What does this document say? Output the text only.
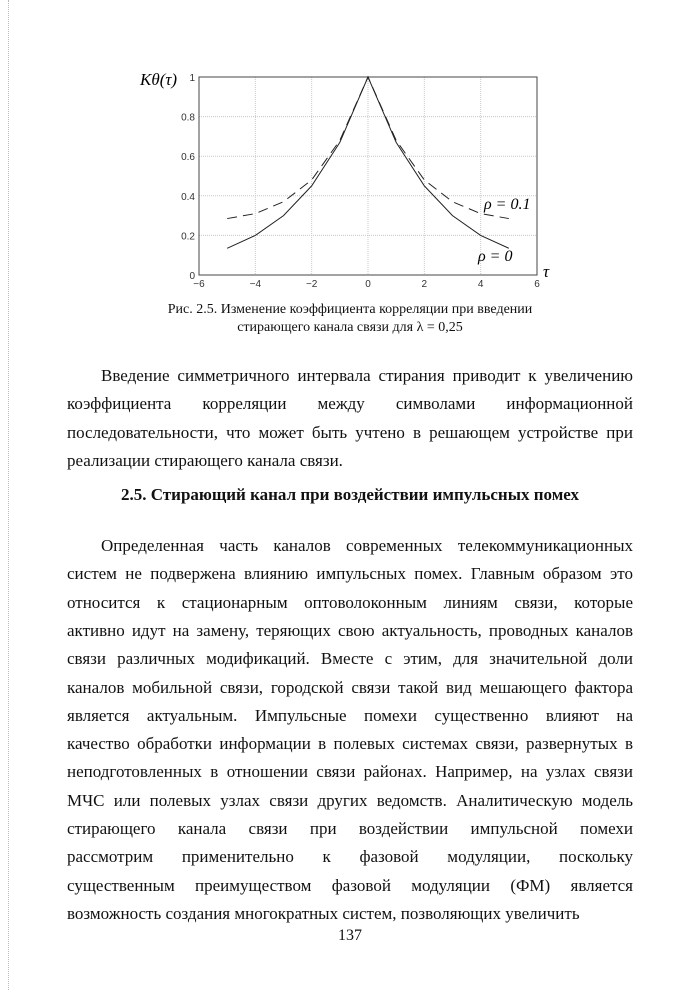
−6	−4	−2	0	2	4	6
0
0.2
0.4
0.6
0.8
1
Kθ(τ)
τ
ρ = 0.1
ρ = 0
Рис. 2.5. Изменение коэффициента корреляции при введении
стирающего канала связи для λ = 0,25
Введение симметричного интервала стирания приводит к увеличению
коэффициента корреляции между символами информационной
последовательности, что может быть учтено в решающем устройстве при
реализации стирающего канала связи.
2.5. Стирающий канал при воздействии импульсных помех
Определенная часть каналов современных телекоммуникационных
систем не подвержена влиянию импульсных помех. Главным образом это
относится к стационарным оптоволоконным линиям связи, которые
активно идут на замену, теряющих свою актуальность, проводных каналов
связи различных модификаций. Вместе с этим, для значительной доли
каналов мобильной связи, городской связи такой вид мешающего фактора
является актуальным. Импульсные помехи существенно влияют на
качество обработки информации в полевых системах связи, развернутых в
неподготовленных в отношении связи районах. Например, на узлах связи
МЧС или полевых узлах связи других ведомств. Аналитическую модель
стирающего канала связи при воздействии импульсной помехи
рассмотрим применительно к фазовой модуляции, поскольку
существенным преимуществом фазовой модуляции (ФМ) является
возможность создания многократных систем, позволяющих увеличить
137
